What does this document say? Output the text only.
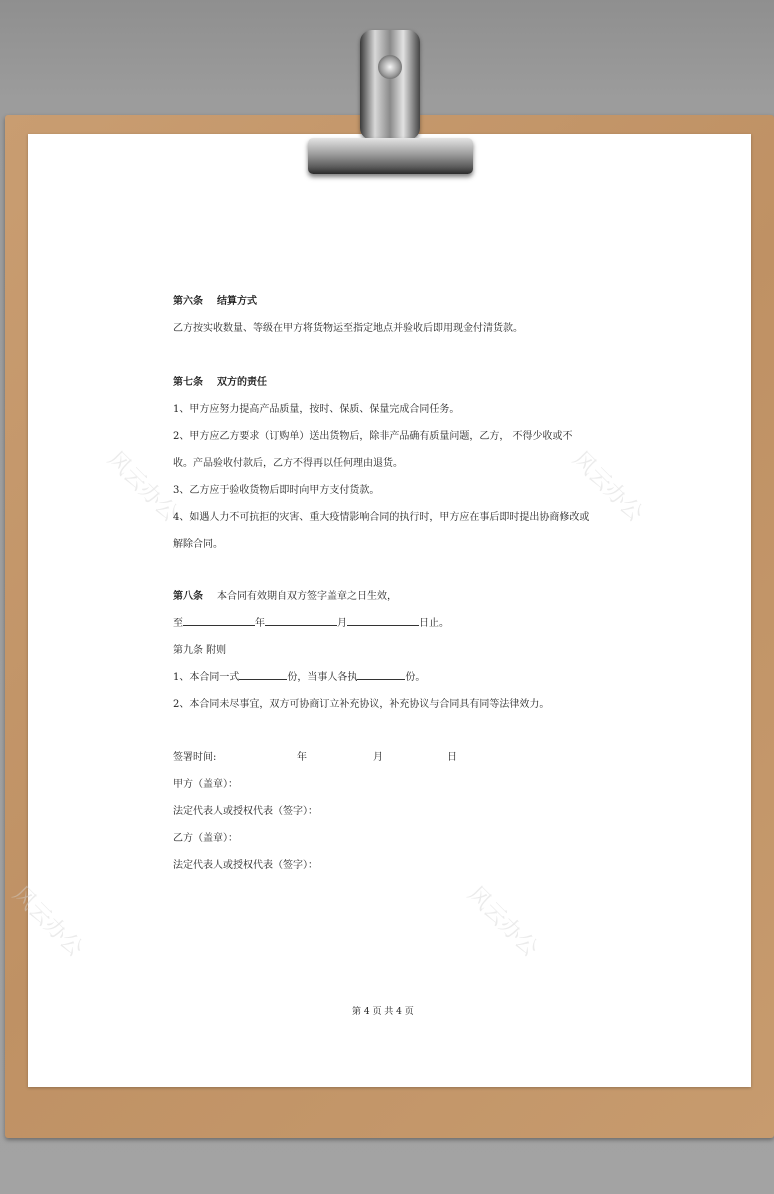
风云办公	风云办公
风云办公	风云办公
第六条 结算方式
乙方按实收数量、等级在甲方将货物运至指定地点并验收后即用现金付清货款。
第七条 双方的责任
1、甲方应努力提高产品质量，按时、保质、保量完成合同任务。
2、甲方应乙方要求（订购单）送出货物后，除非产品确有质量问题，乙方， 不得少收或不
收。产品验收付款后，乙方不得再以任何理由退货。
3、乙方应于验收货物后即时向甲方支付货款。
4、如遇人力不可抗拒的灾害、重大疫情影响合同的执行时，甲方应在事后即时提出协商修改或
解除合同。
第八条 本合同有效期自双方签字盖章之日生效，
至	年	月	日止。
第九条 附则
1、本合同一式	份，当事人各执	份。
2、本合同未尽事宜，双方可协商订立补充协议，补充协议与合同具有同等法律效力。
签署时间:	年	月	日
甲方（盖章）：
法定代表人或授权代表（签字）：
乙方（盖章）：
法定代表人或授权代表（签字）：
第 4 页 共 4 页
